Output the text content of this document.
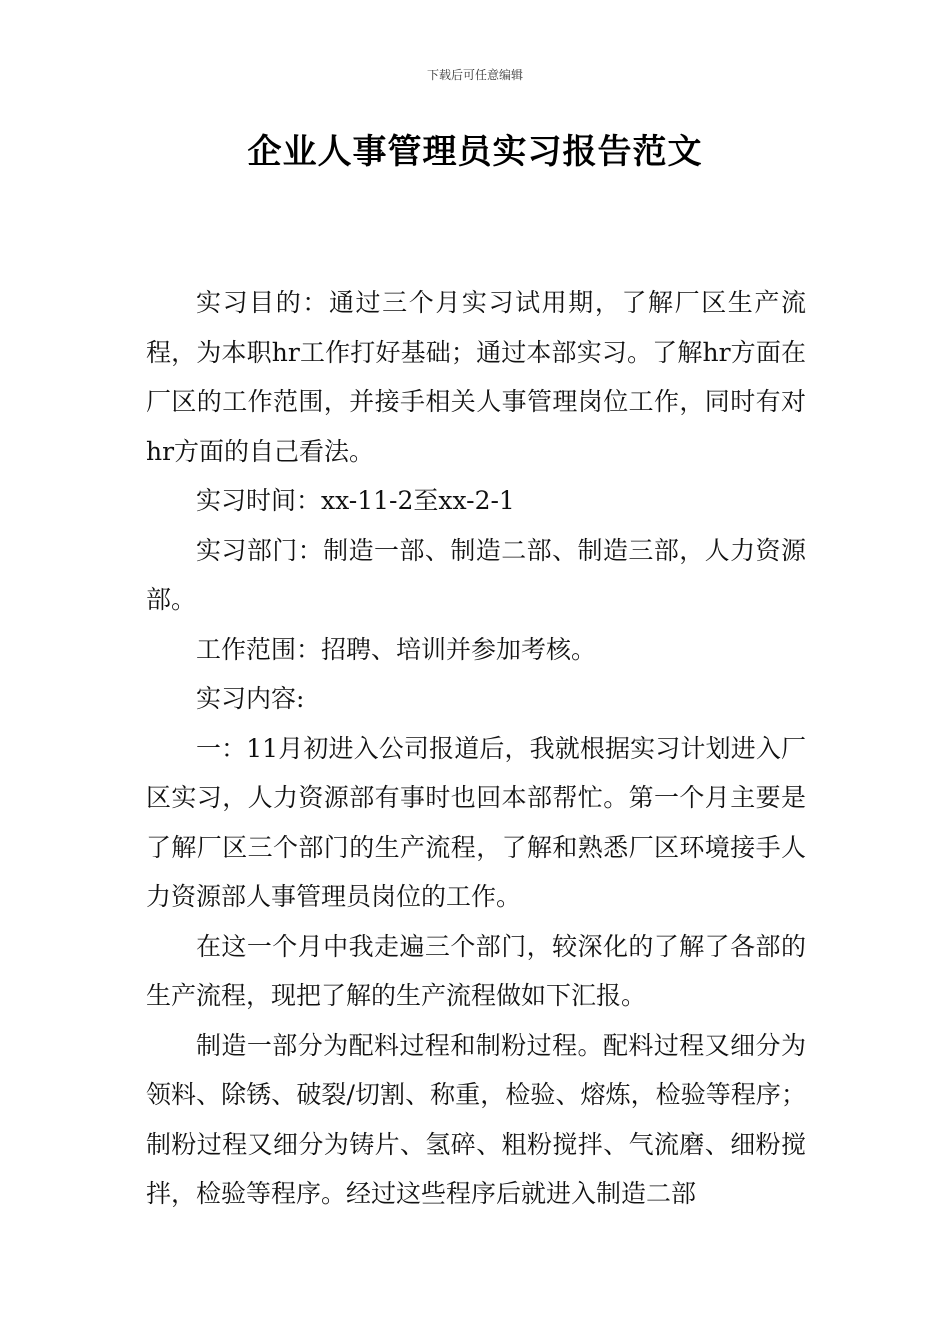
下载后可任意编辑
企业人事管理员实习报告范文

实习目的：通过三个月实习试用期，了解厂区生产流程，为本职hr工作打好基础；通过本部实习。了解hr方面在厂区的工作范围，并接手相关人事管理岗位工作，同时有对hr方面的自己看法。

实习时间：xx-11-2至xx-2-1

实习部门：制造一部、制造二部、制造三部，人力资源部。

工作范围：招聘、培训并参加考核。

实习内容:

一：11月初进入公司报道后，我就根据实习计划进入厂区实习，人力资源部有事时也回本部帮忙。第一个月主要是了解厂区三个部门的生产流程，了解和熟悉厂区环境接手人力资源部人事管理员岗位的工作。

在这一个月中我走遍三个部门，较深化的了解了各部的生产流程，现把了解的生产流程做如下汇报。

制造一部分为配料过程和制粉过程。配料过程又细分为领料、除锈、破裂/切割、称重，检验、熔炼，检验等程序；制粉过程又细分为铸片、氢碎、粗粉搅拌、气流磨、细粉搅拌，检验等程序。经过这些程序后就进入制造二部
